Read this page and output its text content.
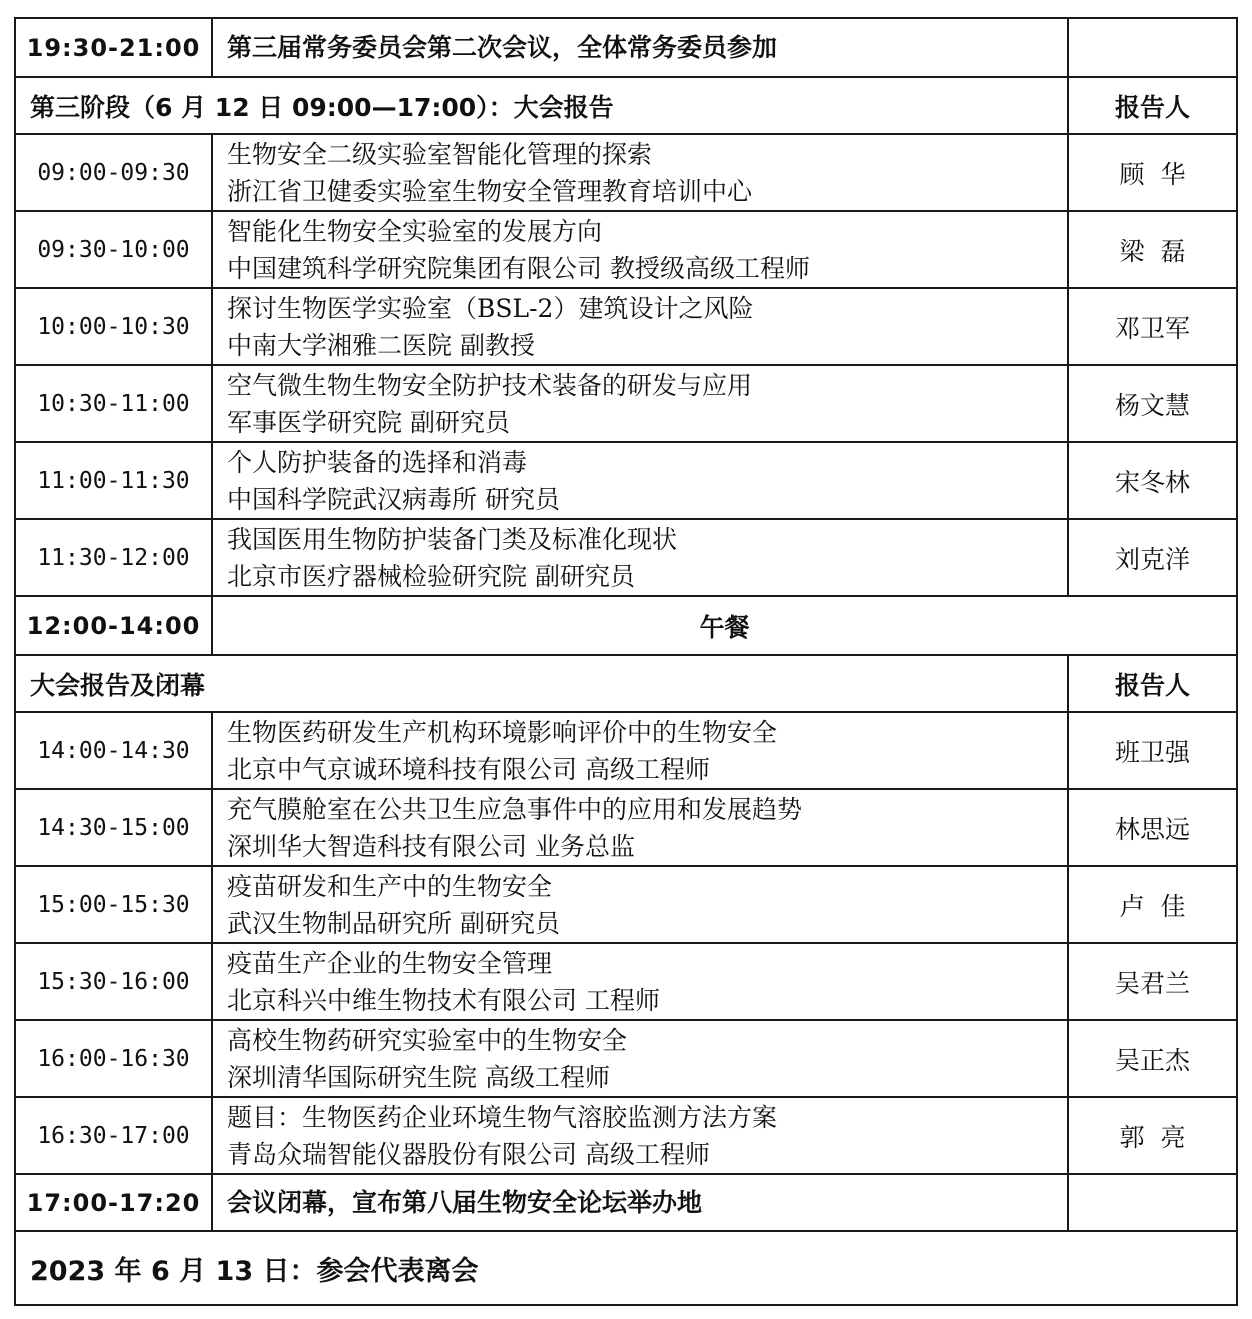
19:30-21:00	第三届常务委员会第二次会议，全体常务委员参加	
第三阶段（6 月 12 日 09:00—17:00）：大会报告		报告人
09:00-09:30	生物安全二级实验室智能化管理的探索
浙江省卫健委实验室生物安全管理教育培训中心	顾  华
09:30-10:00	智能化生物安全实验室的发展方向
中国建筑科学研究院集团有限公司 教授级高级工程师	梁  磊
10:00-10:30	探讨生物医学实验室（BSL-2）建筑设计之风险
中南大学湘雅二医院 副教授	邓卫军
10:30-11:00	空气微生物生物安全防护技术装备的研发与应用
军事医学研究院 副研究员	杨文慧
11:00-11:30	个人防护装备的选择和消毒
中国科学院武汉病毒所 研究员	宋冬林
11:30-12:00	我国医用生物防护装备门类及标准化现状
北京市医疗器械检验研究院 副研究员	刘克洋
12:00-14:00	午餐	
大会报告及闭幕		报告人
14:00-14:30	生物医药研发生产机构环境影响评价中的生物安全
北京中气京诚环境科技有限公司 高级工程师	班卫强
14:30-15:00	充气膜舱室在公共卫生应急事件中的应用和发展趋势
深圳华大智造科技有限公司 业务总监	林思远
15:00-15:30	疫苗研发和生产中的生物安全
武汉生物制品研究所 副研究员	卢  佳
15:30-16:00	疫苗生产企业的生物安全管理
北京科兴中维生物技术有限公司 工程师	吴君兰
16:00-16:30	高校生物药研究实验室中的生物安全
深圳清华国际研究生院 高级工程师	吴正杰
16:30-17:00	题目：生物医药企业环境生物气溶胶监测方法方案
青岛众瑞智能仪器股份有限公司 高级工程师	郭  亮
17:00-17:20	会议闭幕，宣布第八届生物安全论坛举办地	
2023 年 6 月 13 日：参会代表离会		
